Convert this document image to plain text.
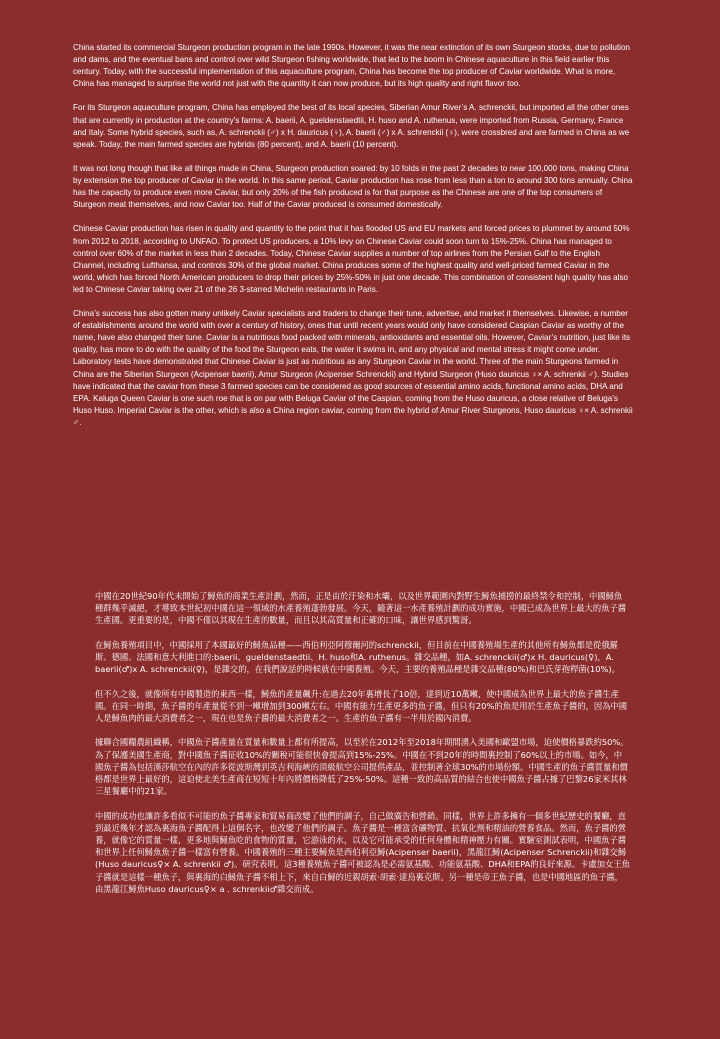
China started its commercial Sturgeon production program in the late 1990s. However, it was the near extinction of its own Sturgeon stocks, due to pollution and dams, and the eventual bans and control over wild Sturgeon fishing worldwide, that led to the boom in Chinese aquaculture in this field earlier this century. Today, with the successful implementation of this aquaculture program, China has become the top producer of Caviar worldwide. What is more, China has managed to surprise the world not just with the quantity it can now produce, but its high quality and right flavor too.

For its Sturgeon aquaculture program, China has employed the best of its local species, Siberian Amur River’s A. schrenckii, but imported all the other ones that are currently in production at the country’s farms: A. baerii, A. gueldenstaedtii, H. huso and A. ruthenus, were imported from Russia, Germany, France and Italy. Some hybrid species, such as, A. schrenckii (♂) x H. dauricus (♀), A. baerii (♂) x A. schrenckii (♀), were crossbred and are farmed in China as we speak. Today, the main farmed species are hybrids (80 percent), and A. baerii (10 percent).

It was not long though that like all things made in China, Sturgeon production soared: by 10 folds in the past 2 decades to near 100,000 tons, making China by extension the top producer of Caviar in the world. In this same period, Caviar production has rose from less than a ton to around 300 tons annually. China has the capacity to produce even more Caviar, but only 20% of the fish produced is for that purpose as the Chinese are one of the top consumers of Sturgeon meat themselves, and now Caviar too. Half of the Caviar produced is consumed domestically.

Chinese Caviar production has risen in quality and quantity to the point that it has flooded US and EU markets and forced prices to plummet by around 50% from 2012 to 2018, according to UNFAO. To protect US producers, a 10% levy on Chinese Caviar could soon turn to 15%-25%. China has managed to control over 60% of the market in less than 2 decades. Today, Chinese Caviar supplies a number of top airlines from the Persian Gulf to the English Channel, including Lufthansa, and controls 30% of the global market. China produces some of the highest quality and well-priced farmed Caviar in the world, which has forced North American producers to drop their prices by 25%-50% in just one decade. This combination of consistent high quality has also led to Chinese Caviar taking over 21 of the 26 3-starred Michelin restaurants in Paris.

China’s success has also gotten many unlikely Caviar specialists and traders to change their tune, advertise, and market it themselves. Likewise, a number of establishments around the world with over a century of history, ones that until recent years would only have considered Caspian Caviar as worthy of the name, have also changed their tune. Caviar is a nutritious food packed with minerals, antioxidants and essential oils. However, Caviar’s nutrition, just like its quality, has more to do with the quality of the food the Sturgeon eats, the water it swims in, and any physical and mental stress it might come under. Laboratory tests have demonstrated that Chinese Caviar is just as nutritious as any Sturgeon Caviar in the world. Three of the main Sturgeons farmed in China are the Siberian Sturgeon (Acipenser baerii), Amur Sturgeon (Acipenser Schrenckii) and Hybrid Sturgeon (Huso dauricus ♀× A. schrenkii ♂). Studies have indicated that the caviar from these 3 farmed species can be considered as good sources of essential amino acids, functional amino acids, DHA and EPA. Kaluga Queen Caviar is one such roe that is on par with Beluga Caviar of the Caspian, coming from the Huso dauricus, a close relative of Beluga’s Huso Huso. Imperial Caviar is the other, which is also a China region caviar, coming from the hybrid of Amur River Sturgeons, Huso dauricus ♀× A. schrenkii ♂.

中國在20世紀90年代末開始了鱘魚的商業生產計劃，然而，正是由於汙染和水壩，以及世界範圍內對野生鱘魚捕撈的最終禁令和控制，中國鱘魚種群幾乎滅絕，才導致本世紀初中國在這一領域的水產養殖蓬勃發展。今天，隨著這一水產養殖計劃的成功實施，中國已成為世界上最大的魚子醬生產國。更重要的是，中國不僅以其現在生產的數量，而且以其高質量和正確的口味，讓世界感到驚訝。

在鱘魚養殖項目中，中國採用了本國最好的鱘魚品種——西伯利亞阿穆爾河的schrenckii，但目前在中國養殖場生產的其他所有鱘魚都是從俄羅斯、德國、法國和意大利進口的:baerii、gueldenstaedtii、H. huso和A. ruthenus。雜交品種，如A. schrenckii(♂)x H. dauricus(♀)，A. baerii(♂)x A. schrenckii(♀)，是雜交的，在我們說話的時候就在中國養殖。今天，主要的養殖品種是雜交品種(80%)和巴氏芽孢桿菌(10%)。

但不久之後，就像所有中國製造的東西一樣，鱘魚的產量飆升:在過去20年裏增長了10倍，達到近10萬噸，使中國成為世界上最大的魚子醬生產國。在同一時期，魚子醬的年產量從不到一噸增加到300噸左右。中國有能力生產更多的魚子醬，但只有20%的魚是用於生產魚子醬的，因為中國人是鱘魚肉的最大消費者之一，現在也是魚子醬的最大消費者之一。生產的魚子醬有一半用於國內消費。

據聯合國糧農組織稱，中國魚子醬產量在質量和數量上都有所提高，以至於在2012年至2018年期間湧入美國和歐盟市場，迫使價格暴跌約50%。為了保護美國生產商，對中國魚子醬征收10%的關稅可能很快會提高到15%-25%。中國在不到20年的時間裏控制了60%以上的市場。如今，中國魚子醬為包括漢莎航空在內的許多從波斯灣到英吉利海峽的頂級航空公司提供產品，並控制著全球30%的市場份額。中國生產的魚子醬質量和價格都是世界上最好的，這迫使北美生產商在短短十年內將價格降低了25%-50%。這種一致的高品質的結合也使中國魚子醬占據了巴黎26家米其林三星餐廳中的21家。

中國的成功也讓許多看似不可能的魚子醬專家和貿易商改變了他們的調子，自己做廣告和營銷。同樣，世界上許多擁有一個多世紀歷史的餐廳，直到最近幾年才認為裏海魚子醬配得上這個名字，也改變了他們的調子。魚子醬是一種富含礦物質、抗氧化劑和精油的營養食品。然而，魚子醬的營養，就像它的質量一樣，更多地與鱘魚吃的食物的質量，它游泳的水，以及它可能承受的任何身體和精神壓力有關。實驗室測試表明，中國魚子醬和世界上任何鱘魚魚子醬一樣富有營養。中國養殖的三種主要鱘魚是西伯利亞鱘(Acipenser baerii)，黑龍江鱘(Acipenser Schrenckii)和雜交鱘(Huso dauricus♀× A. schrenkii ♂)。研究表明，這3種養殖魚子醬可被認為是必需氨基酸、功能氨基酸、DHA和EPA的良好來源。卡盧加女王魚子醬就是這樣一種魚子，與裏海的白鱘魚子醬不相上下，來自白鱘的近親胡索·胡索·達烏裏克斯。另一種是帝王魚子醬，也是中國地區的魚子醬，由黑龍江鱘魚Huso dauricus♀× a . schrenkii♂雜交而成。
